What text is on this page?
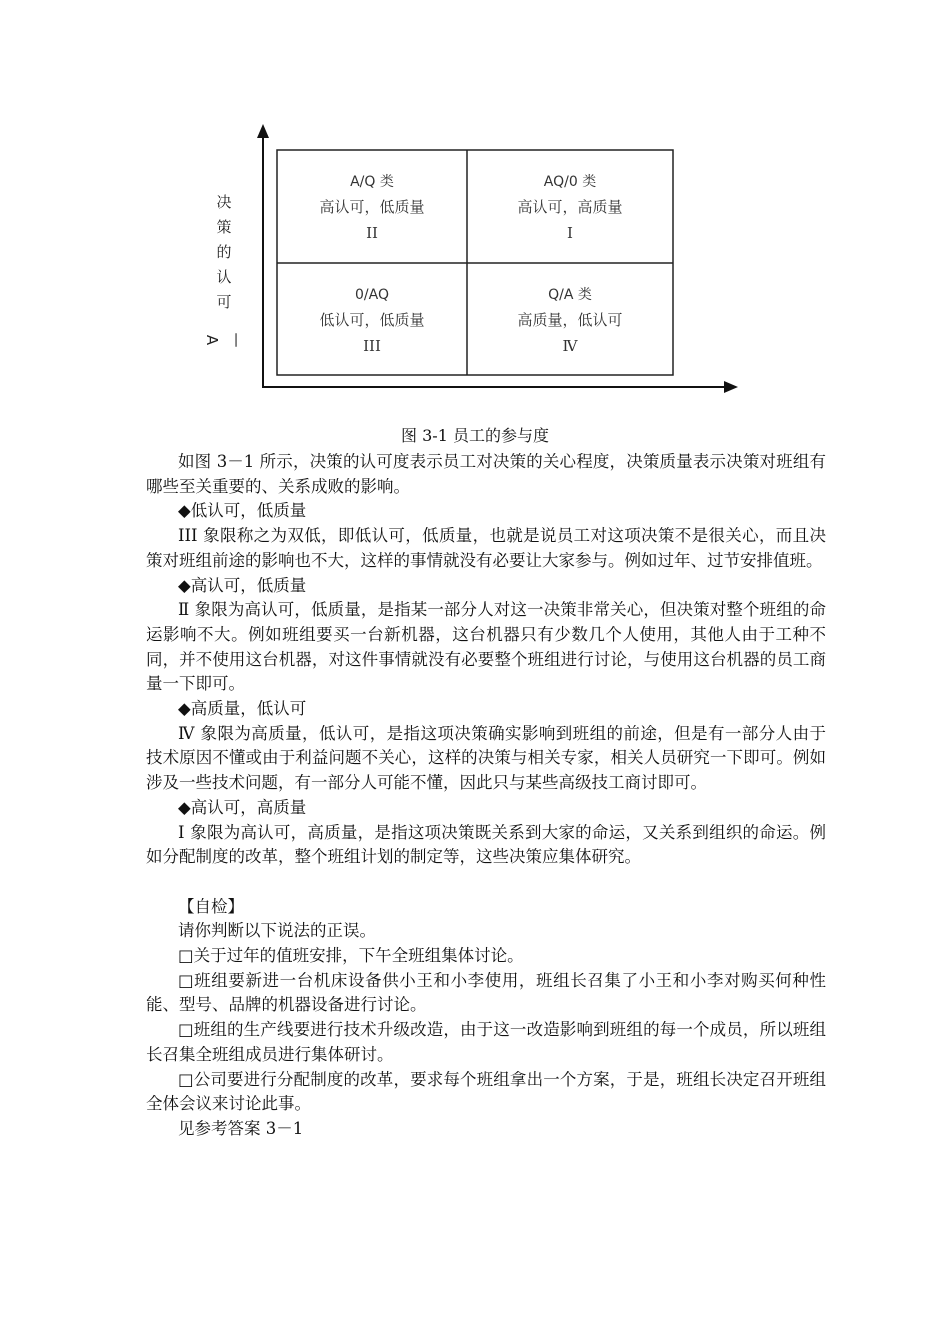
决
策
的
认
可
—A
A/Q 类
高认可，低质量
II
AQ/0 类
高认可，高质量
I
0/AQ
低认可，低质量
III
Q/A 类
高质量，低认可
Ⅳ
图 3-1 员工的参与度

如图 3－1 所示，决策的认可度表示员工对决策的关心程度，决策质量表示决策对班组有哪些至关重要的、关系成败的影响。

◆低认可，低质量

III 象限称之为双低，即低认可，低质量，也就是说员工对这项决策不是很关心，而且决策对班组前途的影响也不大，这样的事情就没有必要让大家参与。例如过年、过节安排值班。

◆高认可，低质量

Ⅱ 象限为高认可，低质量，是指某一部分人对这一决策非常关心，但决策对整个班组的命运影响不大。例如班组要买一台新机器，这台机器只有少数几个人使用，其他人由于工种不同，并不使用这台机器，对这件事情就没有必要整个班组进行讨论，与使用这台机器的员工商量一下即可。

◆高质量，低认可

Ⅳ 象限为高质量，低认可，是指这项决策确实影响到班组的前途，但是有一部分人由于技术原因不懂或由于利益问题不关心，这样的决策与相关专家，相关人员研究一下即可。例如涉及一些技术问题，有一部分人可能不懂，因此只与某些高级技工商讨即可。

◆高认可，高质量

Ⅰ 象限为高认可，高质量，是指这项决策既关系到大家的命运，又关系到组织的命运。例如分配制度的改革，整个班组计划的制定等，这些决策应集体研究。

【自检】

请你判断以下说法的正误。

□关于过年的值班安排，下午全班组集体讨论。

□班组要新进一台机床设备供小王和小李使用，班组长召集了小王和小李对购买何种性能、型号、品牌的机器设备进行讨论。

□班组的生产线要进行技术升级改造，由于这一改造影响到班组的每一个成员，所以班组长召集全班组成员进行集体研讨。

□公司要进行分配制度的改革，要求每个班组拿出一个方案，于是，班组长决定召开班组全体会议来讨论此事。

见参考答案 3－1
